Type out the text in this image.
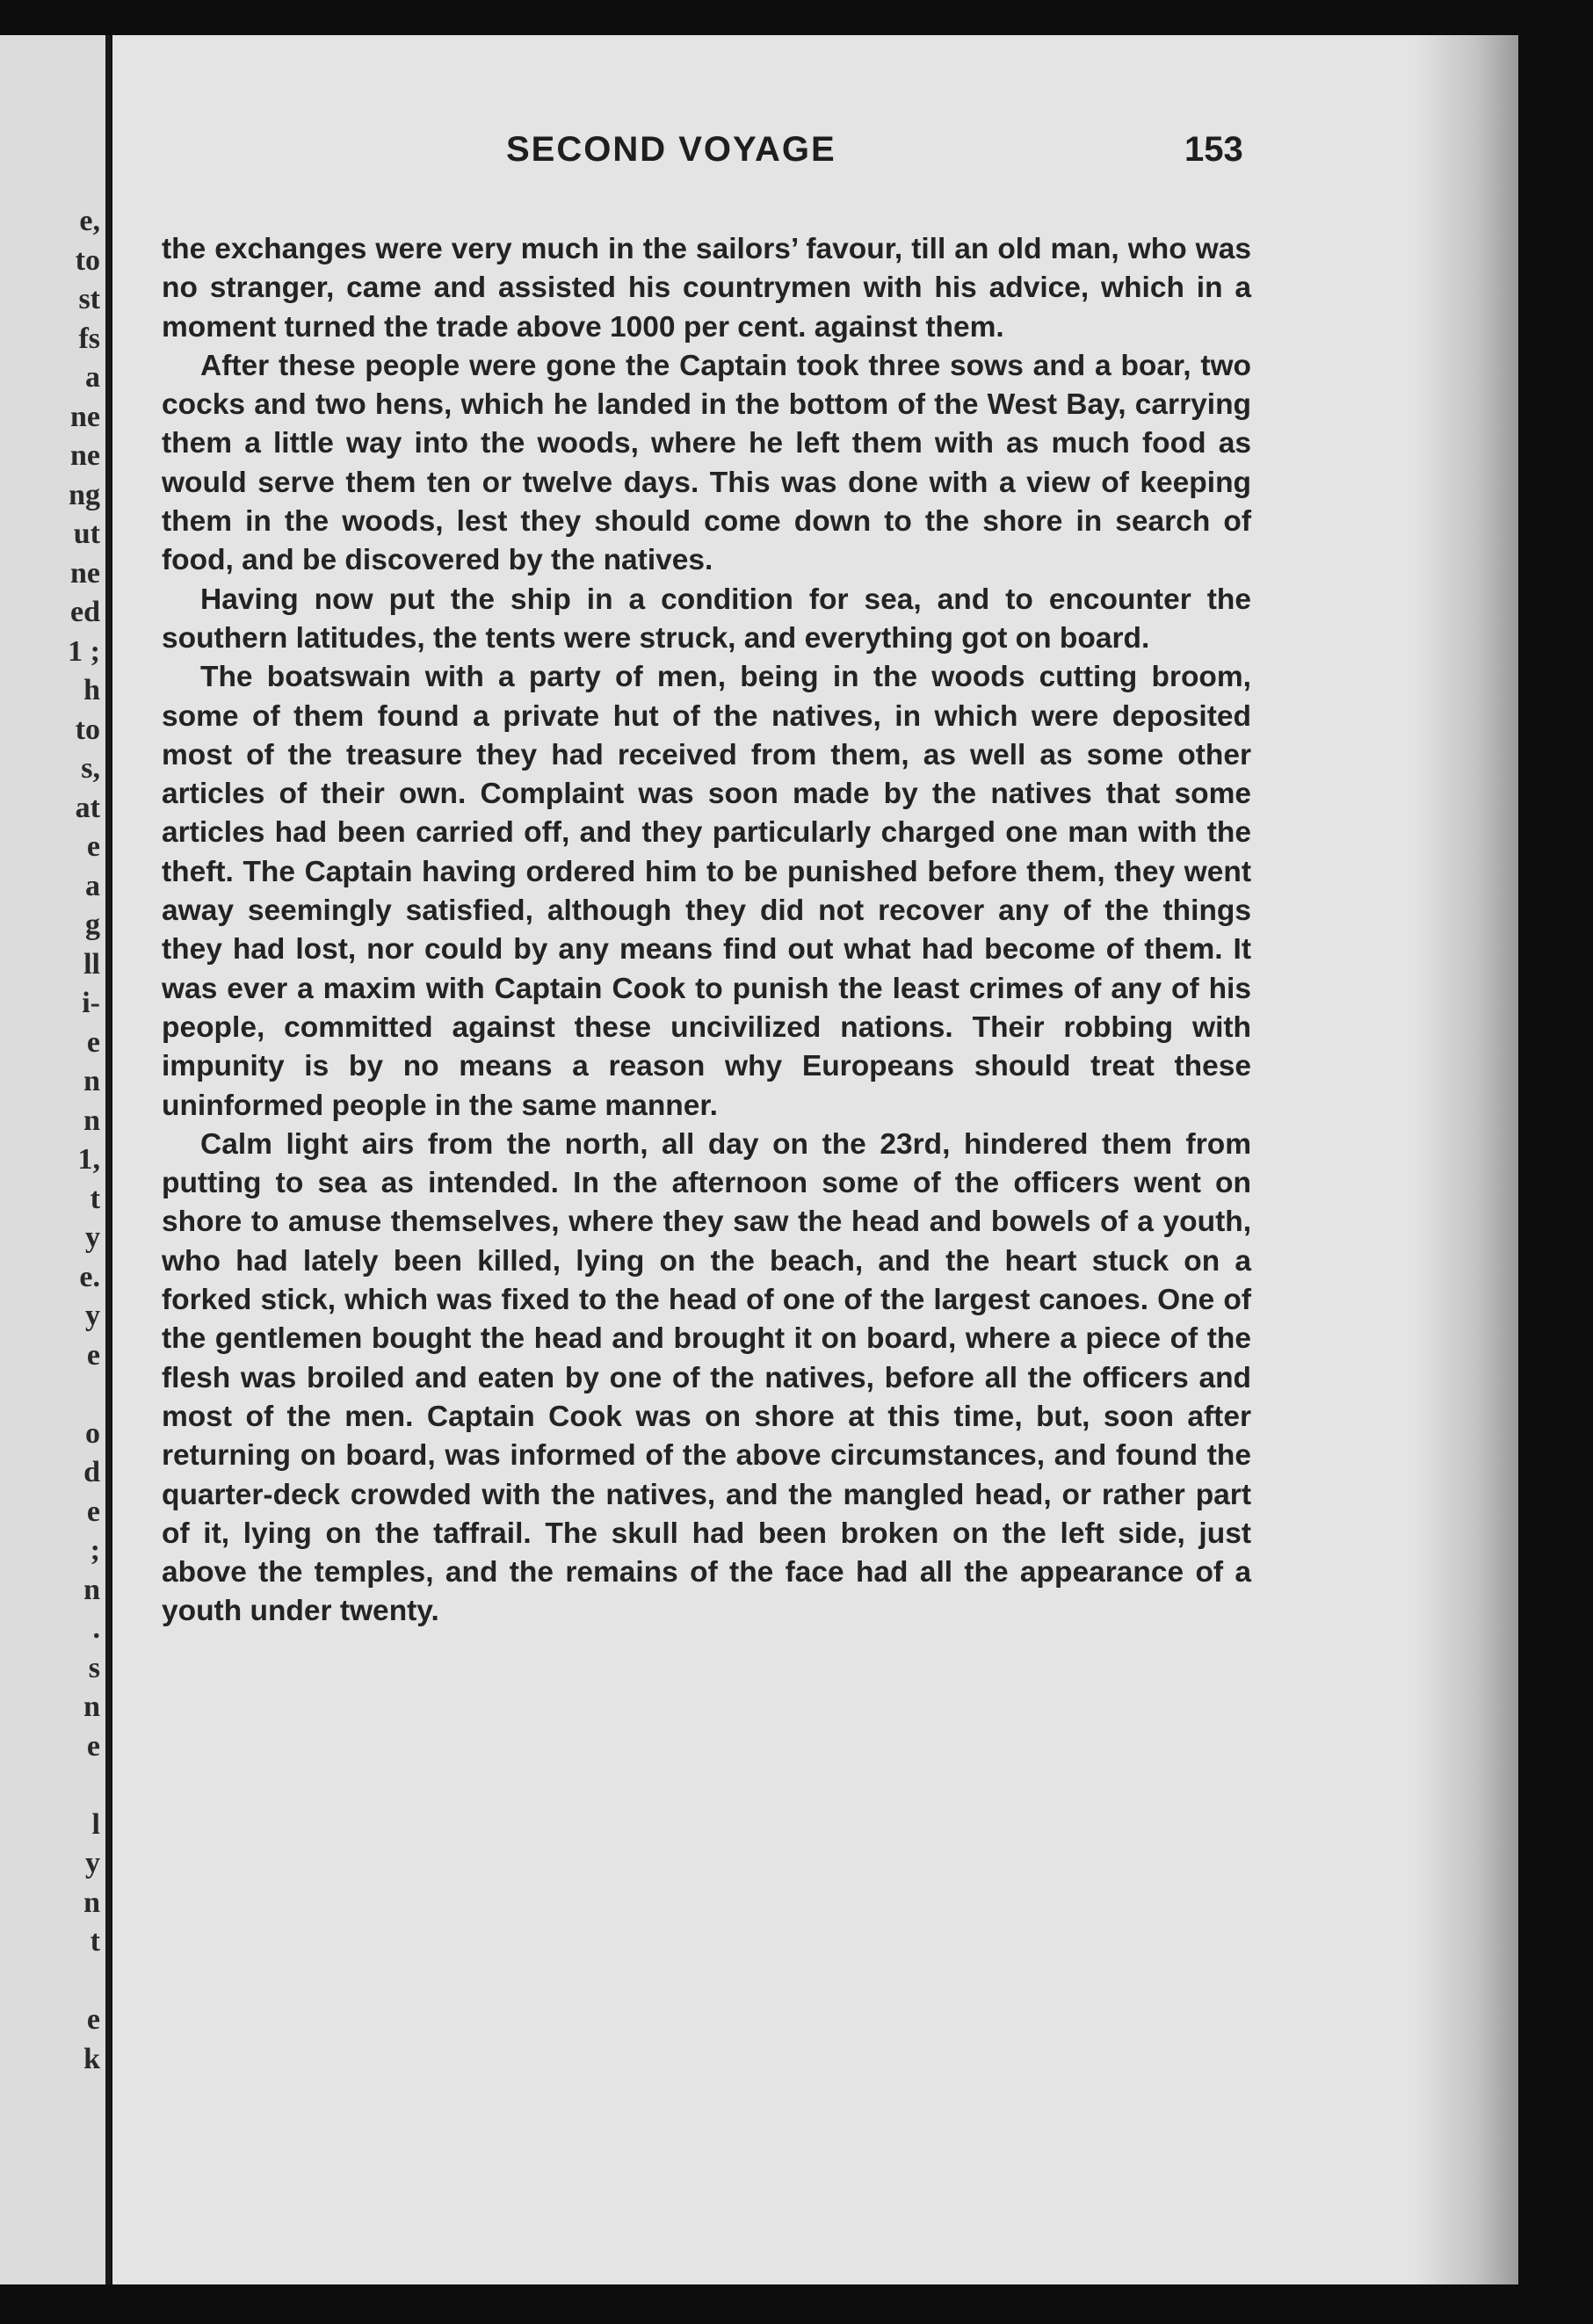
e,
to
st
fs
a
ne
ne
ng
ut
ne
ed
1 ;
h
to
s,
at
e
a
g
ll
i-
e
n
n
1,
t
y
e.
y
e
o
d
e
;
n
.
s
n
e
l
y
n
t
e
k
SECOND VOYAGE	153

the exchanges were very much in the sailors’ favour, till an old man, who was no stranger, came and assisted his countrymen with his advice, which in a moment turned the trade above 1000 per cent. against them.

After these people were gone the Captain took three sows and a boar, two cocks and two hens, which he landed in the bottom of the West Bay, carrying them a little way into the woods, where he left them with as much food as would serve them ten or twelve days. This was done with a view of keeping them in the woods, lest they should come down to the shore in search of food, and be discovered by the natives.

Having now put the ship in a condition for sea, and to encounter the southern latitudes, the tents were struck, and everything got on board.

The boatswain with a party of men, being in the woods cutting broom, some of them found a private hut of the natives, in which were deposited most of the treasure they had received from them, as well as some other articles of their own. Complaint was soon made by the natives that some articles had been carried off, and they particularly charged one man with the theft. The Captain having ordered him to be punished before them, they went away seemingly satisfied, although they did not recover any of the things they had lost, nor could by any means find out what had become of them. It was ever a maxim with Captain Cook to punish the least crimes of any of his people, committed against these uncivilized nations. Their robbing with impunity is by no means a reason why Europeans should treat these uninformed people in the same manner.

Calm light airs from the north, all day on the 23rd, hindered them from putting to sea as intended. In the afternoon some of the officers went on shore to amuse themselves, where they saw the head and bowels of a youth, who had lately been killed, lying on the beach, and the heart stuck on a forked stick, which was fixed to the head of one of the largest canoes. One of the gentlemen bought the head and brought it on board, where a piece of the flesh was broiled and eaten by one of the natives, before all the officers and most of the men. Captain Cook was on shore at this time, but, soon after returning on board, was informed of the above circumstances, and found the quarter-deck crowded with the natives, and the mangled head, or rather part of it, lying on the taffrail. The skull had been broken on the left side, just above the temples, and the remains of the face had all the appearance of a youth under twenty.
